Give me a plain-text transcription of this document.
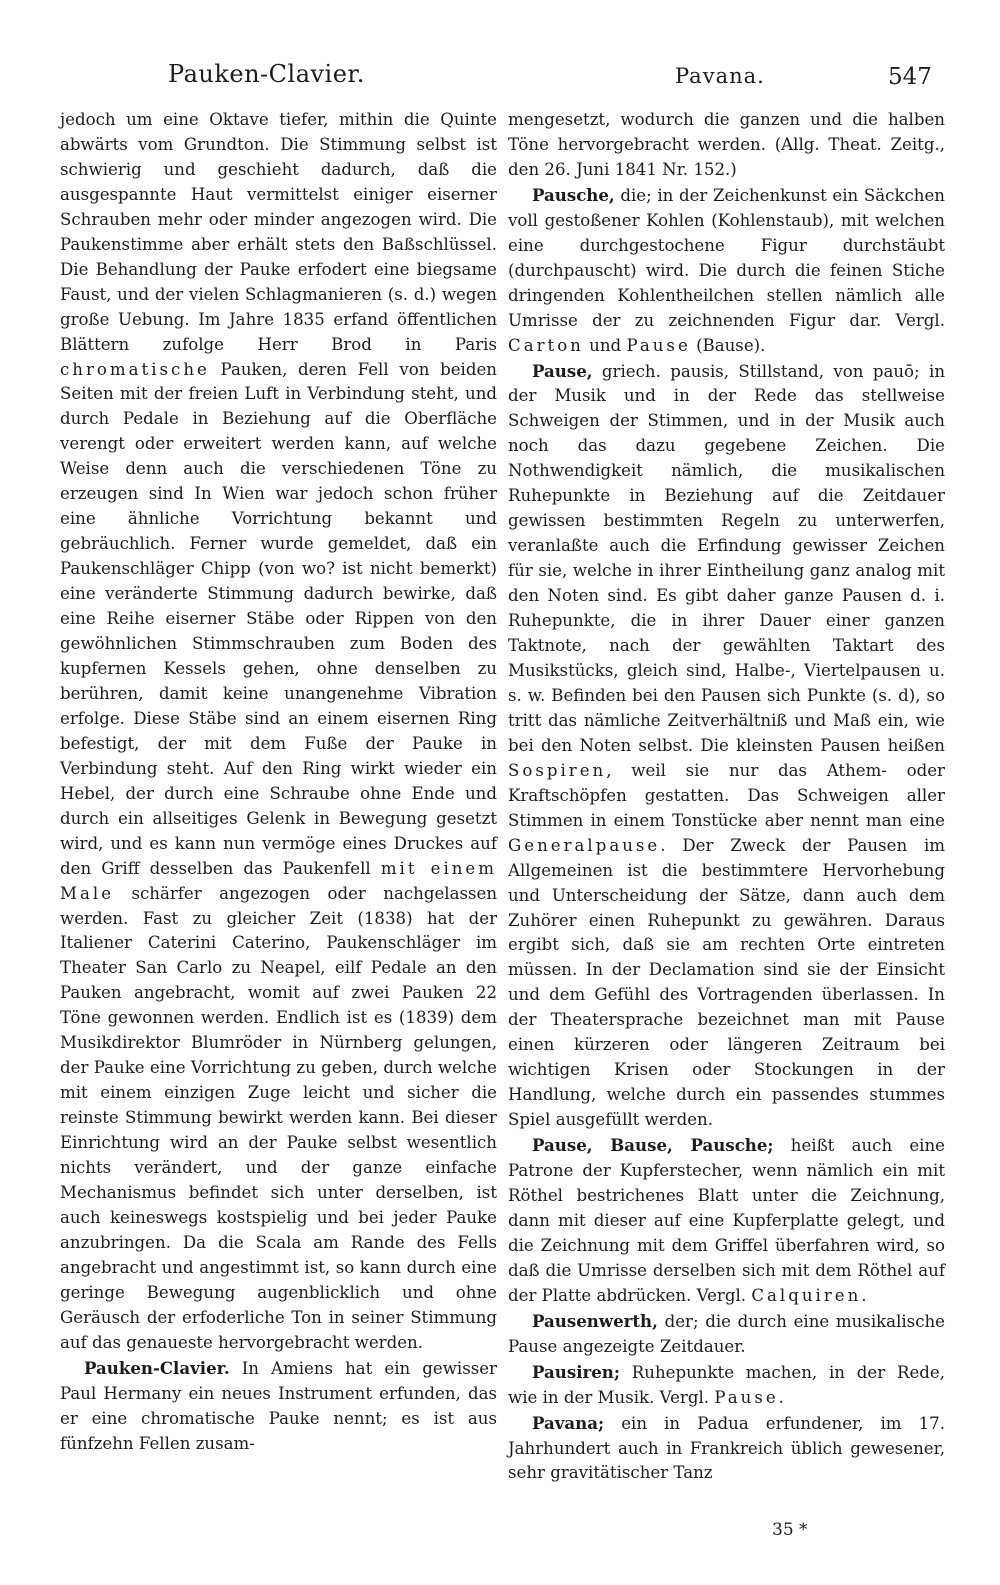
Pauken-Clavier.	Pavana.	547

jedoch um eine Oktave tiefer, mithin die Quinte abwärts vom Grundton. Die Stimmung selbst ist schwierig und geschieht dadurch, daß die ausgespannte Haut vermittelst einiger eiserner Schrauben mehr oder minder angezogen wird. Die Paukenstimme aber erhält stets den Baßschlüssel. Die Behandlung der Pauke erfodert eine biegsame Faust, und der vielen Schlagmanieren (s. d.) wegen große Uebung. Im Jahre 1835 erfand öffentlichen Blättern zufolge Herr Brod in Paris chromatische Pauken, deren Fell von beiden Seiten mit der freien Luft in Verbindung steht, und durch Pedale in Beziehung auf die Oberfläche verengt oder erweitert werden kann, auf welche Weise denn auch die verschiedenen Töne zu erzeugen sind In Wien war jedoch schon früher eine ähnliche Vorrichtung bekannt und gebräuchlich. Ferner wurde gemeldet, daß ein Paukenschläger Chipp (von wo? ist nicht bemerkt) eine veränderte Stimmung dadurch bewirke, daß eine Reihe eiserner Stäbe oder Rippen von den gewöhnlichen Stimmschrauben zum Boden des kupfernen Kessels gehen, ohne denselben zu berühren, damit keine unangenehme Vibration erfolge. Diese Stäbe sind an einem eisernen Ring befestigt, der mit dem Fuße der Pauke in Verbindung steht. Auf den Ring wirkt wieder ein Hebel, der durch eine Schraube ohne Ende und durch ein allseitiges Gelenk in Bewegung gesetzt wird, und es kann nun vermöge eines Druckes auf den Griff desselben das Paukenfell mit einem Male schärfer angezogen oder nachgelassen werden. Fast zu gleicher Zeit (1838) hat der Italiener Caterini Caterino, Paukenschläger im Theater San Carlo zu Neapel, eilf Pedale an den Pauken angebracht, womit auf zwei Pauken 22 Töne gewonnen werden. Endlich ist es (1839) dem Musikdirektor Blumröder in Nürnberg gelungen, der Pauke eine Vorrichtung zu geben, durch welche mit einem einzigen Zuge leicht und sicher die reinste Stimmung bewirkt werden kann. Bei dieser Einrichtung wird an der Pauke selbst wesentlich nichts verändert, und der ganze einfache Mechanismus befindet sich unter derselben, ist auch keineswegs kostspielig und bei jeder Pauke anzubringen. Da die Scala am Rande des Fells angebracht und angestimmt ist, so kann durch eine geringe Bewegung augenblicklich und ohne Geräusch der erfoderliche Ton in seiner Stimmung auf das genaueste hervorgebracht werden.

Pauken-Clavier. In Amiens hat ein gewisser Paul Hermany ein neues Instrument erfunden, das er eine chromatische Pauke nennt; es ist aus fünfzehn Fellen zusam-

mengesetzt, wodurch die ganzen und die halben Töne hervorgebracht werden. (Allg. Theat. Zeitg., den 26. Juni 1841 Nr. 152.)

Pausche, die; in der Zeichenkunst ein Säckchen voll gestoßener Kohlen (Kohlenstaub), mit welchen eine durchgestochene Figur durchstäubt (durchpauscht) wird. Die durch die feinen Stiche dringenden Kohlentheilchen stellen nämlich alle Umrisse der zu zeichnenden Figur dar. Vergl. Carton und Pause (Bause).

Pause, griech. pausis, Stillstand, von pauō; in der Musik und in der Rede das stellweise Schweigen der Stimmen, und in der Musik auch noch das dazu gegebene Zeichen. Die Nothwendigkeit nämlich, die musikalischen Ruhepunkte in Beziehung auf die Zeitdauer gewissen bestimmten Regeln zu unterwerfen, veranlaßte auch die Erfindung gewisser Zeichen für sie, welche in ihrer Eintheilung ganz analog mit den Noten sind. Es gibt daher ganze Pausen d. i. Ruhepunkte, die in ihrer Dauer einer ganzen Taktnote, nach der gewählten Taktart des Musikstücks, gleich sind, Halbe-, Viertelpausen u. s. w. Befinden bei den Pausen sich Punkte (s. d), so tritt das nämliche Zeitverhältniß und Maß ein, wie bei den Noten selbst. Die kleinsten Pausen heißen Sospiren, weil sie nur das Athem- oder Kraftschöpfen gestatten. Das Schweigen aller Stimmen in einem Tonstücke aber nennt man eine Generalpause. Der Zweck der Pausen im Allgemeinen ist die bestimmtere Hervorhebung und Unterscheidung der Sätze, dann auch dem Zuhörer einen Ruhepunkt zu gewähren. Daraus ergibt sich, daß sie am rechten Orte eintreten müssen. In der Declamation sind sie der Einsicht und dem Gefühl des Vortragenden überlassen. In der Theatersprache bezeichnet man mit Pause einen kürzeren oder längeren Zeitraum bei wichtigen Krisen oder Stockungen in der Handlung, welche durch ein passendes stummes Spiel ausgefüllt werden.

Pause, Bause, Pausche; heißt auch eine Patrone der Kupferstecher, wenn nämlich ein mit Röthel bestrichenes Blatt unter die Zeichnung, dann mit dieser auf eine Kupferplatte gelegt, und die Zeichnung mit dem Griffel überfahren wird, so daß die Umrisse derselben sich mit dem Röthel auf der Platte abdrücken. Vergl. Calquiren.

Pausenwerth, der; die durch eine musikalische Pause angezeigte Zeitdauer.

Pausiren; Ruhepunkte machen, in der Rede, wie in der Musik. Vergl. Pause.

Pavana; ein in Padua erfundener, im 17. Jahrhundert auch in Frankreich üblich gewesener, sehr gravitätischer Tanz

35 *
